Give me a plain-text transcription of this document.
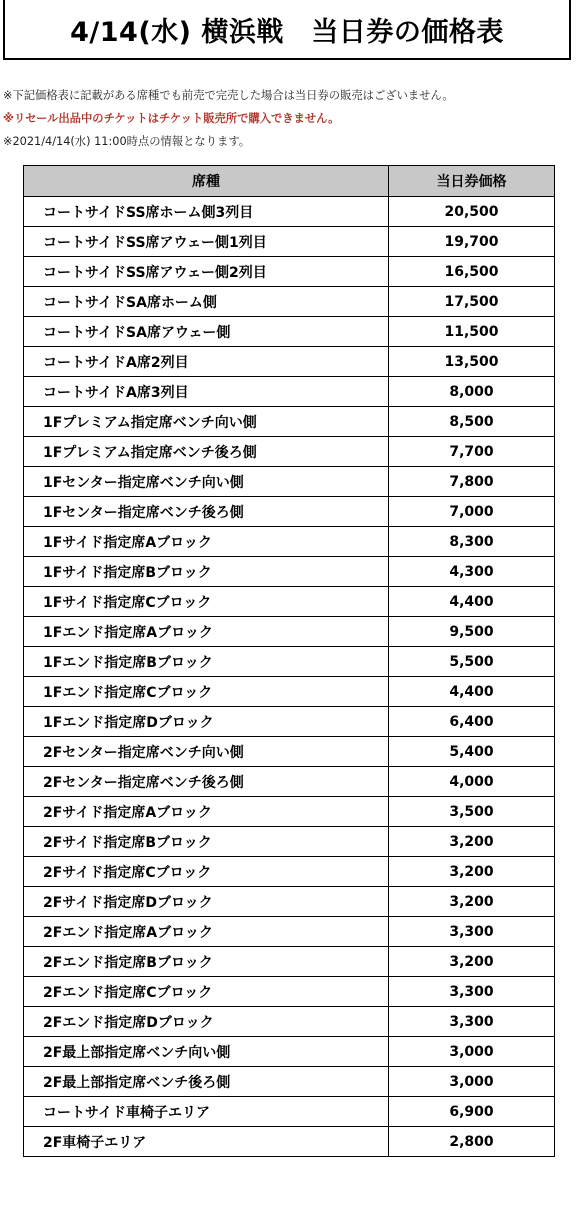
4/14(水) 横浜戦　当日券の価格表
※下記価格表に記載がある席種でも前売で完売した場合は当日券の販売はございません。
※リセール出品中のチケットはチケット販売所で購入できません。
※2021/4/14(水) 11:00時点の情報となります。
席種	当日券価格
コートサイドSS席ホーム側3列目	20,500
コートサイドSS席アウェー側1列目	19,700
コートサイドSS席アウェー側2列目	16,500
コートサイドSA席ホーム側	17,500
コートサイドSA席アウェー側	11,500
コートサイドA席2列目	13,500
コートサイドA席3列目	8,000
1Fプレミアム指定席ベンチ向い側	8,500
1Fプレミアム指定席ベンチ後ろ側	7,700
1Fセンター指定席ベンチ向い側	7,800
1Fセンター指定席ベンチ後ろ側	7,000
1Fサイド指定席Aブロック	8,300
1Fサイド指定席Bブロック	4,300
1Fサイド指定席Cブロック	4,400
1Fエンド指定席Aブロック	9,500
1Fエンド指定席Bブロック	5,500
1Fエンド指定席Cブロック	4,400
1Fエンド指定席Dブロック	6,400
2Fセンター指定席ベンチ向い側	5,400
2Fセンター指定席ベンチ後ろ側	4,000
2Fサイド指定席Aブロック	3,500
2Fサイド指定席Bブロック	3,200
2Fサイド指定席Cブロック	3,200
2Fサイド指定席Dブロック	3,200
2Fエンド指定席Aブロック	3,300
2Fエンド指定席Bブロック	3,200
2Fエンド指定席Cブロック	3,300
2Fエンド指定席Dブロック	3,300
2F最上部指定席ベンチ向い側	3,000
2F最上部指定席ベンチ後ろ側	3,000
コートサイド車椅子エリア	6,900
2F車椅子エリア	2,800
